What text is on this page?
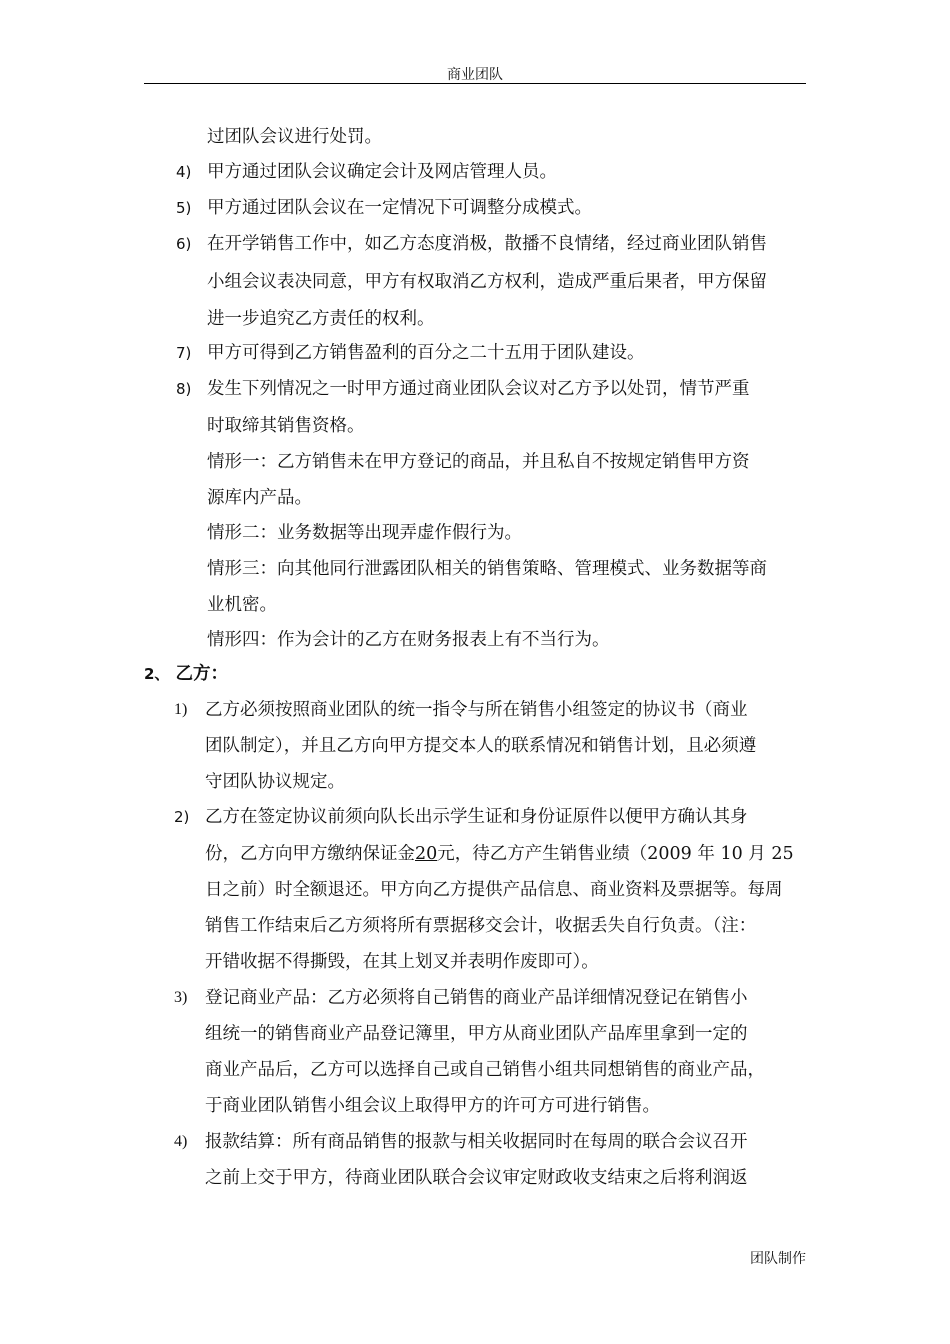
商业团队
过团队会议进行处罚。
4) 甲方通过团队会议确定会计及网店管理人员。
5) 甲方通过团队会议在一定情况下可调整分成模式。
6) 在开学销售工作中，如乙方态度消极，散播不良情绪，经过商业团队销售
小组会议表决同意，甲方有权取消乙方权利，造成严重后果者，甲方保留
进一步追究乙方责任的权利。
7) 甲方可得到乙方销售盈利的百分之二十五用于团队建设。
8) 发生下列情况之一时甲方通过商业团队会议对乙方予以处罚，情节严重
时取缔其销售资格。
情形一：乙方销售未在甲方登记的商品，并且私自不按规定销售甲方资
源库内产品。
情形二：业务数据等出现弄虚作假行为。
情形三：向其他同行泄露团队相关的销售策略、管理模式、业务数据等商
业机密。
情形四：作为会计的乙方在财务报表上有不当行为。
2、 乙方：
1) 乙方必须按照商业团队的统一指令与所在销售小组签定的协议书（商业
团队制定），并且乙方向甲方提交本人的联系情况和销售计划，且必须遵
守团队协议规定。
2) 乙方在签定协议前须向队长出示学生证和身份证原件以便甲方确认其身
份，乙方向甲方缴纳保证金20元，待乙方产生销售业绩（2009 年 10 月 25
日之前）时全额退还。甲方向乙方提供产品信息、商业资料及票据等。每周
销售工作结束后乙方须将所有票据移交会计，收据丢失自行负责。（注：
开错收据不得撕毁，在其上划叉并表明作废即可）。
3) 登记商业产品：乙方必须将自己销售的商业产品详细情况登记在销售小
组统一的销售商业产品登记簿里，甲方从商业团队产品库里拿到一定的
商业产品后，乙方可以选择自己或自己销售小组共同想销售的商业产品，
于商业团队销售小组会议上取得甲方的许可方可进行销售。
4) 报款结算：所有商品销售的报款与相关收据同时在每周的联合会议召开
之前上交于甲方，待商业团队联合会议审定财政收支结束之后将利润返
团队制作
